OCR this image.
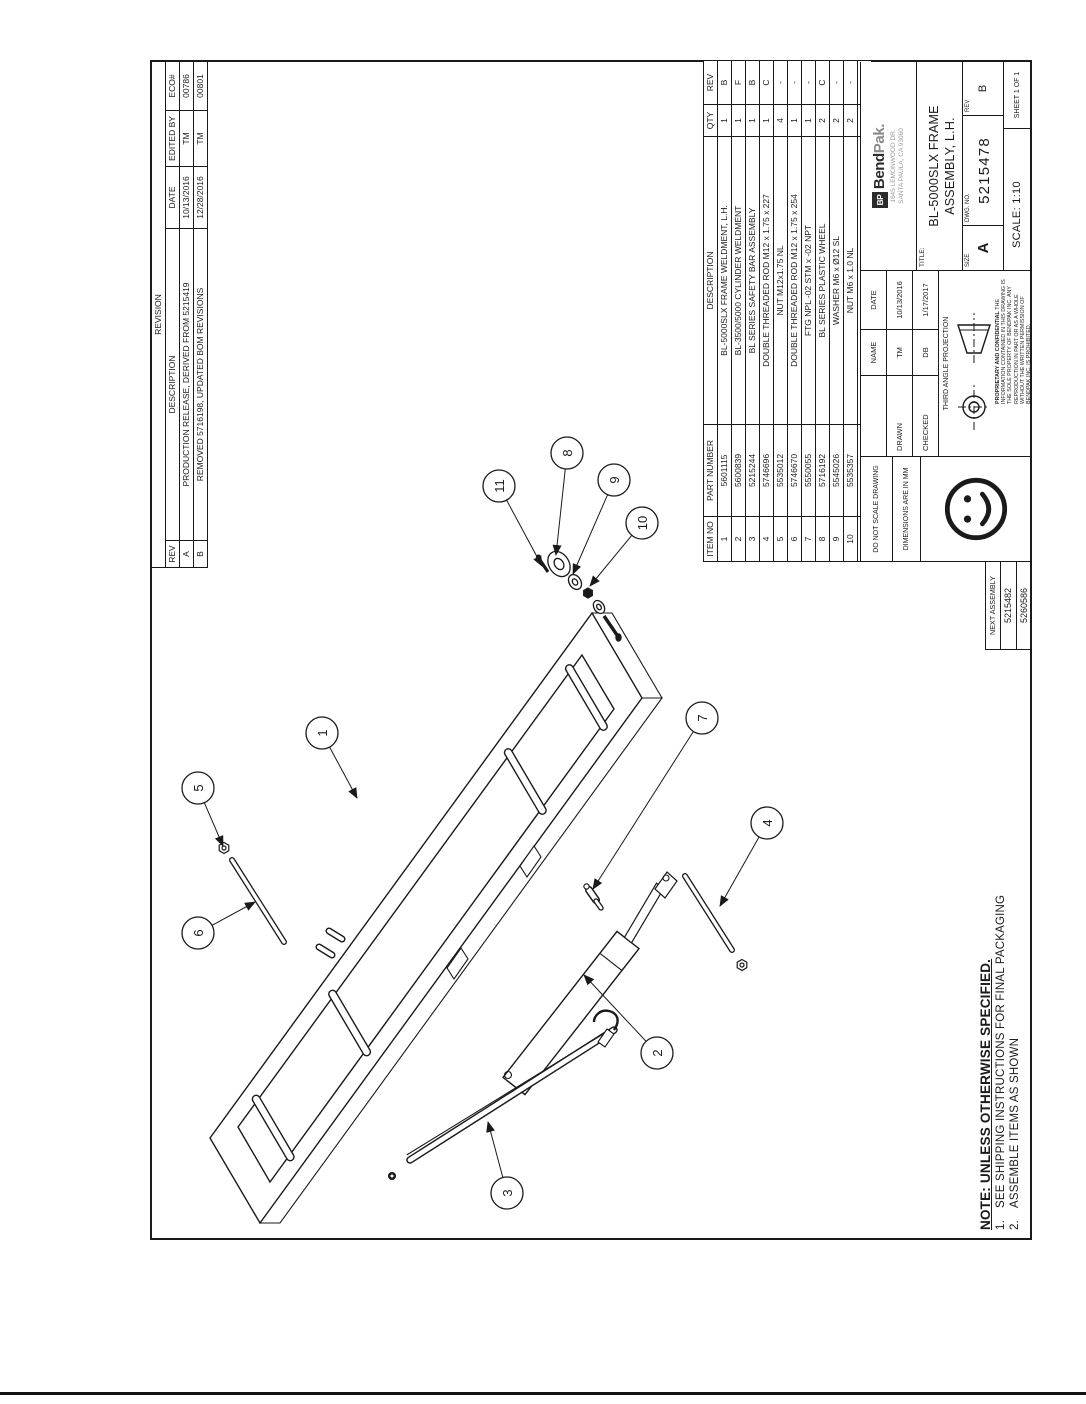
1
2
3
4
5
6
7
8
9
10
11
REVISION
REV
DESCRIPTION
DATE
EDITED BY
ECO#
A
PRODUCTION RELEASE, DERIVED FROM 5215419
10/13/2016
TM
00786
B
REMOVED 5716198, UPDATED BOM REVISIONS
12/28/2016
TM
00801
ITEM NO
PART NUMBER
DESCRIPTION
QTY
REV
1
5601115
BL-5000SLX FRAME WELDMENT, L.H.
1
B
2
5600839
BL-3500/5000 CYLINDER WELDMENT
1
F
3
5215244
BL SERIES SAFETY BAR ASSEMBLY
1
B
4
5746696
DOUBLE THREADED ROD M12 x 1.75 x 227
1
C
5
5535012
NUT M12x1.75 NL
4
-
6
5746670
DOUBLE THREADED ROD M12 x 1.75 x 254
1
-
7
5550055
FTG NPL -02 STM x -02 NPT
1
-
8
5716192
BL SERIES PLASTIC WHEEL
2
C
9
5545026
WASHER M6 x Ø12 SL
2
-
10
5535357
NUT M6 x 1.0 NL
2
-
DO NOT SCALE DRAWING	DIMENSIONS ARE IN MM
NAME
DATE
DRAWN
TM
10/13/2016
CHECKED
DB
1/17/2017
THIRD ANGLE PROJECTION	PROPRIETARY AND CONFIDENTIAL THE INFORMATION CONTAINED IN THIS DRAWING IS THE SOLE PROPERTY OF BENDPAK INC. ANY REPRODUCTION IN PART OR AS A WHOLE WITHOUT THE WRITTEN PERMISSION OF BENDPAK INC. IS PROHIBITED.
BP
BendPak. 1645 LEMONWOOD DR. SANTA PAULA, CA 93060
TITLE:
BL-5000SLX FRAME ASSEMBLY, L.H.
SIZE
A
DWG. NO.
5215478
REV
B
SCALE: 1:10
SHEET 1 OF 1
NEXT ASSEMBLY 5215482 5260586
NOTE: UNLESS OTHERWISE SPECIFIED. 1.
SEE SHIPPING INSTRUCTIONS FOR FINAL PACKAGING
2.
ASSEMBLE ITEMS AS SHOWN
